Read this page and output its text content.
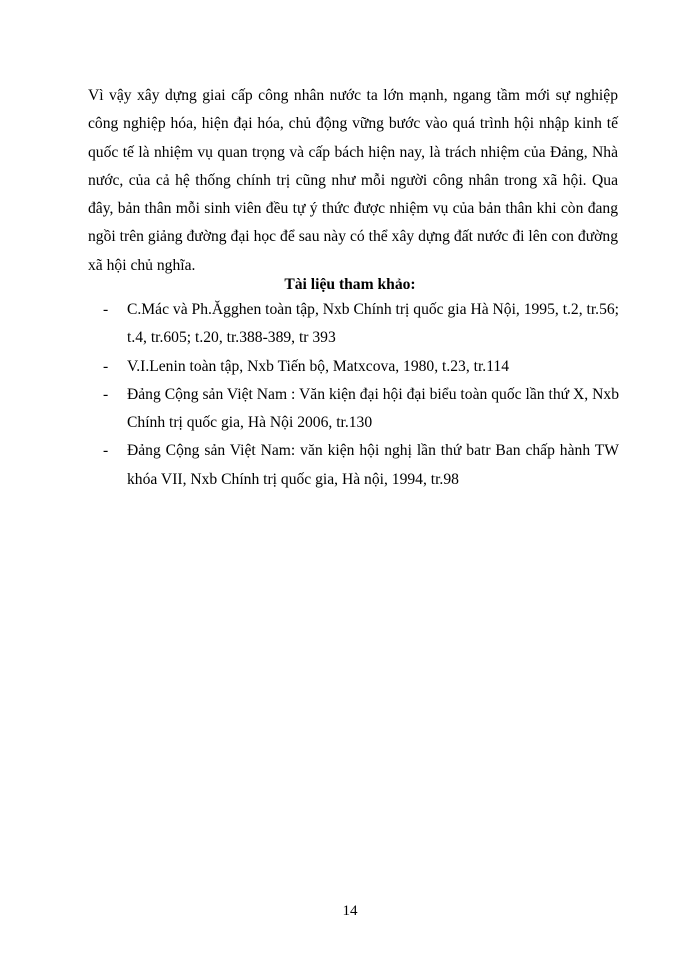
Vì vậy xây dựng giai cấp công nhân nước ta lớn mạnh, ngang tầm mới sự nghiệp công nghiệp hóa, hiện đại hóa, chủ động vững bước vào quá trình hội nhập kinh tế quốc tế là nhiệm vụ quan trọng và cấp bách hiện nay, là trách nhiệm của Đảng, Nhà nước, của cả hệ thống chính trị cũng như mỗi người công nhân trong xã hội. Qua đây, bản thân mỗi sinh viên đều tự ý thức được nhiệm vụ của bản thân khi còn đang ngồi trên giảng đường đại học để sau này có thể xây dựng đất nước đi lên con đường xã hội chủ nghĩa.

Tài liệu tham khảo:
- C.Mác và Ph.Ăgghen toàn tập, Nxb Chính trị quốc gia Hà Nội, 1995, t.2, tr.56; t.4, tr.605; t.20, tr.388-389, tr 393
- V.I.Lenin toàn tập, Nxb Tiến bộ, Matxcova, 1980, t.23, tr.114
- Đảng Cộng sản Việt Nam : Văn kiện đại hội đại biểu toàn quốc lần thứ X, Nxb Chính trị quốc gia, Hà Nội 2006, tr.130
- Đảng Cộng sản Việt Nam: văn kiện hội nghị lần thứ batr Ban chấp hành TW khóa VII, Nxb Chính trị quốc gia, Hà nội, 1994, tr.98
14
